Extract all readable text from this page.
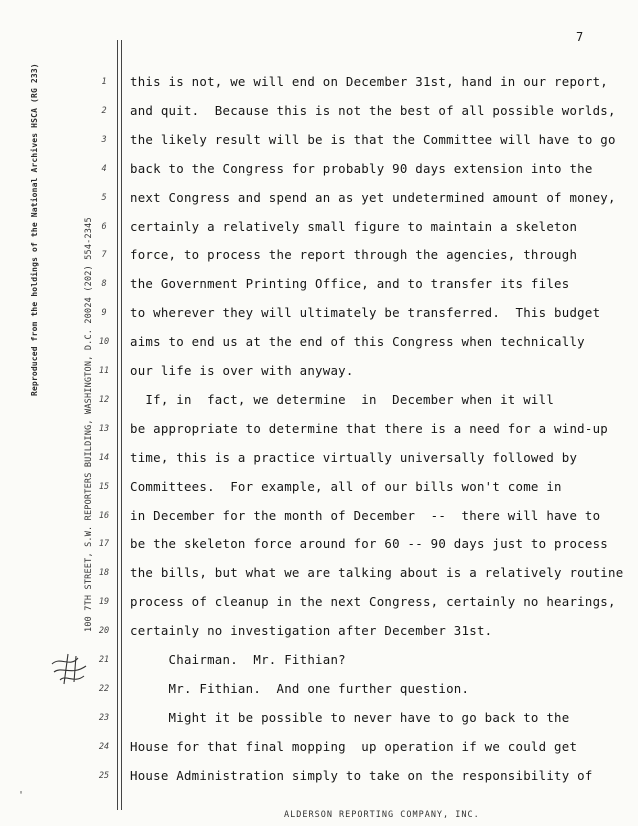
Reproduced from the holdings of the National Archives HSCA (RG 233)	100 7TH STREET, S.W. REPORTERS BUILDING, WASHINGTON, D.C. 20024 (202) 554-2345
7
1
2
3
4
5
6
7
8
9
10
11
12
13
14
15
16
17
18
19
20
21
22
23
24
25
this is not, we will end on December 31st, hand in our report,
and quit.  Because this is not the best of all possible worlds,
the likely result will be is that the Committee will have to go
back to the Congress for probably 90 days extension into the
next Congress and spend an as yet undetermined amount of money,
certainly a relatively small figure to maintain a skeleton
force, to process the report through the agencies, through
the Government Printing Office, and to transfer its files
to wherever they will ultimately be transferred.  This budget
aims to end us at the end of this Congress when technically
our life is over with anyway.
If, in  fact, we determine  in  December when it will
be appropriate to determine that there is a need for a wind-up
time, this is a practice virtually universally followed by
Committees.  For example, all of our bills won't come in
in December for the month of December  --  there will have to
be the skeleton force around for 60 -- 90 days just to process
the bills, but what we are talking about is a relatively routine
process of cleanup in the next Congress, certainly no hearings,
certainly no investigation after December 31st.
Chairman.  Mr. Fithian?
Mr. Fithian.  And one further question.
Might it be possible to never have to go back to the
House for that final mopping  up operation if we could get
House Administration simply to take on the responsibility of
'
ALDERSON REPORTING COMPANY, INC.
